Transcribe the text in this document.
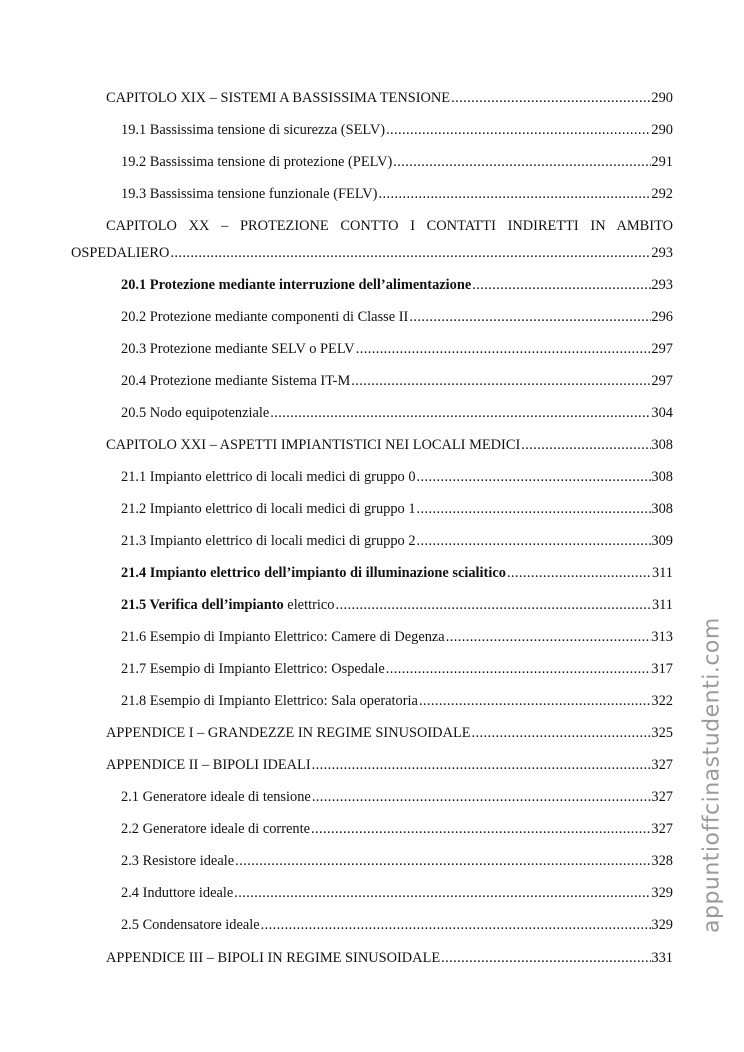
CAPITOLO XIX – SISTEMI A BASSISSIMA TENSIONE .....	290
19.1 Bassissima tensione di sicurezza (SELV) .....	290
19.2 Bassissima tensione di protezione (PELV) .....	291
19.3 Bassissima tensione funzionale (FELV) .....	292
CAPITOLO XX – PROTEZIONE CONTTO I CONTATTI INDIRETTI IN AMBITO
OSPEDALIERO .....	293
20.1 Protezione mediante interruzione dell’alimentazione .....	293
20.2 Protezione mediante componenti di Classe II .....	296
20.3 Protezione mediante SELV o PELV .....	297
20.4 Protezione mediante Sistema IT-M .....	297
20.5 Nodo equipotenziale .....	304
CAPITOLO XXI – ASPETTI IMPIANTISTICI NEI LOCALI MEDICI .....	308
21.1 Impianto elettrico di locali medici di gruppo 0 .....	308
21.2 Impianto elettrico di locali medici di gruppo 1 .....	308
21.3 Impianto elettrico di locali medici di gruppo 2 .....	309
21.4 Impianto elettrico dell’impianto di illuminazione scialitico .....	311
21.5 Verifica dell’impianto elettrico .....	311
21.6 Esempio di Impianto Elettrico: Camere di Degenza .....	313
21.7 Esempio di Impianto Elettrico: Ospedale .....	317
21.8 Esempio di Impianto Elettrico: Sala operatoria .....	322
APPENDICE I – GRANDEZZE IN REGIME SINUSOIDALE .....	325
APPENDICE II – BIPOLI IDEALI .....	327
2.1 Generatore ideale di tensione .....	327
2.2 Generatore ideale di corrente .....	327
2.3 Resistore ideale .....	328
2.4 Induttore ideale .....	329
2.5 Condensatore ideale .....	329
APPENDICE III – BIPOLI IN REGIME SINUSOIDALE .....	331
appuntioffcinastudenti.com
